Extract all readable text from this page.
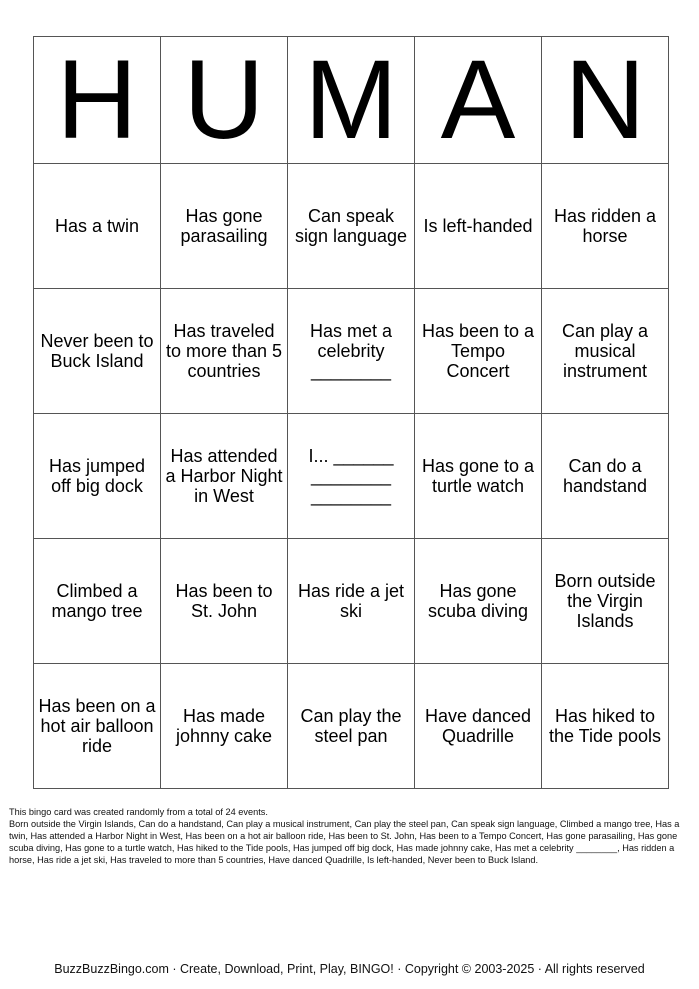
H	U	M	A	N
Has a twin	Has gone parasailing	Can speak sign language	Is left-handed	Has ridden a horse
Never been to Buck Island	Has traveled to more than 5 countries	Has met a celebrity ________	Has been to a Tempo Concert	Can play a musical instrument
Has jumped off big dock	Has attended a Harbor Night in West	I... ______ ________ ________	Has gone to a turtle watch	Can do a handstand
Climbed a mango tree	Has been to St. John	Has ride a jet ski	Has gone scuba diving	Born outside the Virgin Islands
Has been on a hot air balloon ride	Has made johnny cake	Can play the steel pan	Have danced Quadrille	Has hiked to the Tide pools

This bingo card was created randomly from a total of 24 events.

Born outside the Virgin Islands, Can do a handstand, Can play a musical instrument, Can play the steel pan, Can speak sign language, Climbed a mango tree, Has a twin, Has attended a Harbor Night in West, Has been on a hot air balloon ride, Has been to St. John, Has been to a Tempo Concert, Has gone parasailing, Has gone scuba diving, Has gone to a turtle watch, Has hiked to the Tide pools, Has jumped off big dock, Has made johnny cake, Has met a celebrity ________, Has ridden a horse, Has ride a jet ski, Has traveled to more than 5 countries, Have danced Quadrille, Is left-handed, Never been to Buck Island.

BuzzBuzzBingo.com · Create, Download, Print, Play, BINGO! · Copyright © 2003-2025 · All rights reserved
